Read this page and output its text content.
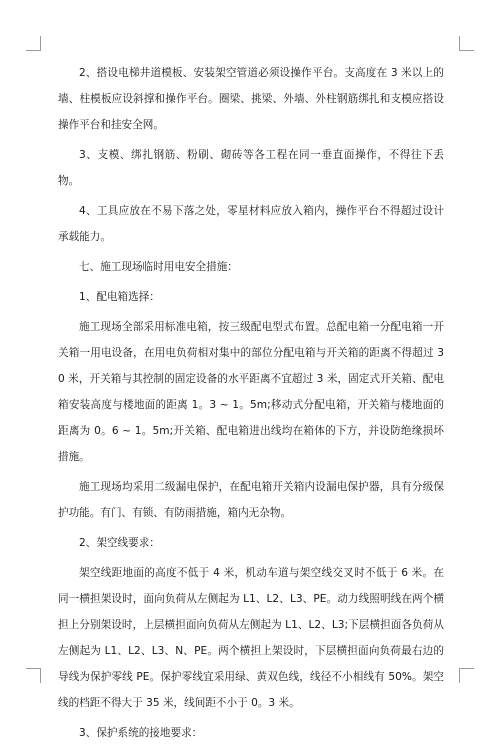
2、搭设电梯井道模板、安装架空管道必须设操作平台。支高度在 3 米以上的墙、柱模板应设斜撑和操作平台。圈梁、挑梁、外墙、外柱钢筋绑扎和支模应搭设操作平台和挂安全网。

3、支模、绑扎钢筋、粉刷、砌砖等各工程在同一垂直面操作，不得往下丢物。

4、工具应放在不易下落之处，零星材料应放入箱内，操作平台不得超过设计承载能力。

七、施工现场临时用电安全措施：

1、配电箱选择：

施工现场全部采用标准电箱，按三级配电型式布置。总配电箱一分配电箱一开关箱一用电设备，在用电负荷相对集中的部位分配电箱与开关箱的距离不得超过 30 米，开关箱与其控制的固定设备的水平距离不宜超过 3 米，固定式开关箱、配电箱安装高度与楼地面的距离 1。3 ~ 1。5m;移动式分配电箱，开关箱与楼地面的距离为 0。6 ~ 1。5m;开关箱、配电箱进出线均在箱体的下方，并设防绝缘损坏措施。

施工现场均采用二级漏电保护，在配电箱开关箱内设漏电保护器，具有分级保护功能。有门、有锁、有防雨措施，箱内无杂物。

2、架空线要求：

架空线距地面的高度不低于 4 米，机动车道与架空线交叉时不低于 6 米。在同一横担架设时，面向负荷从左侧起为 L1、L2、L3、PE。动力线照明线在两个横担上分别架设时，上层横担面向负荷从左侧起为 L1、L2、L3;下层横担面各负荷从左侧起为 L1、L2、L3、N、PE。两个横担上架设时，下层横担面向负荷最右边的导线为保护零线 PE。保护零线宜采用绿、黄双色线，线径不小相线有 50%。架空线的档距不得大于 35 米，线间距不小于 0。3 米。

3、保护系统的接地要求：
